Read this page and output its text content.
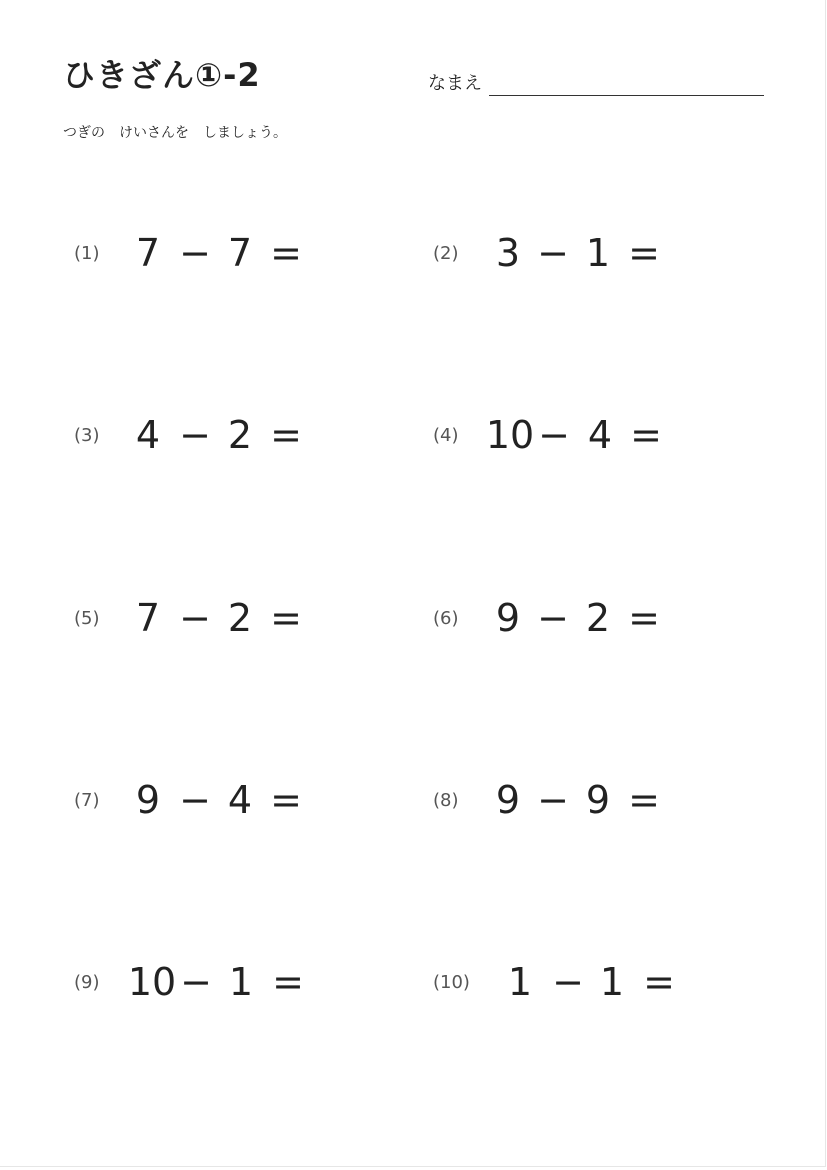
ひきざん①-2	なまえ
つぎの　けいさんを　しましょう。
(1) 7 − 7 =	(2) 3 − 1 =
(3) 4 − 2 =	(4) 10 − 4 =
(5) 7 − 2 =	(6) 9 − 2 =
(7) 9 − 4 =	(8) 9 − 9 =
(9) 10 − 1 =	(10) 1 − 1 =
